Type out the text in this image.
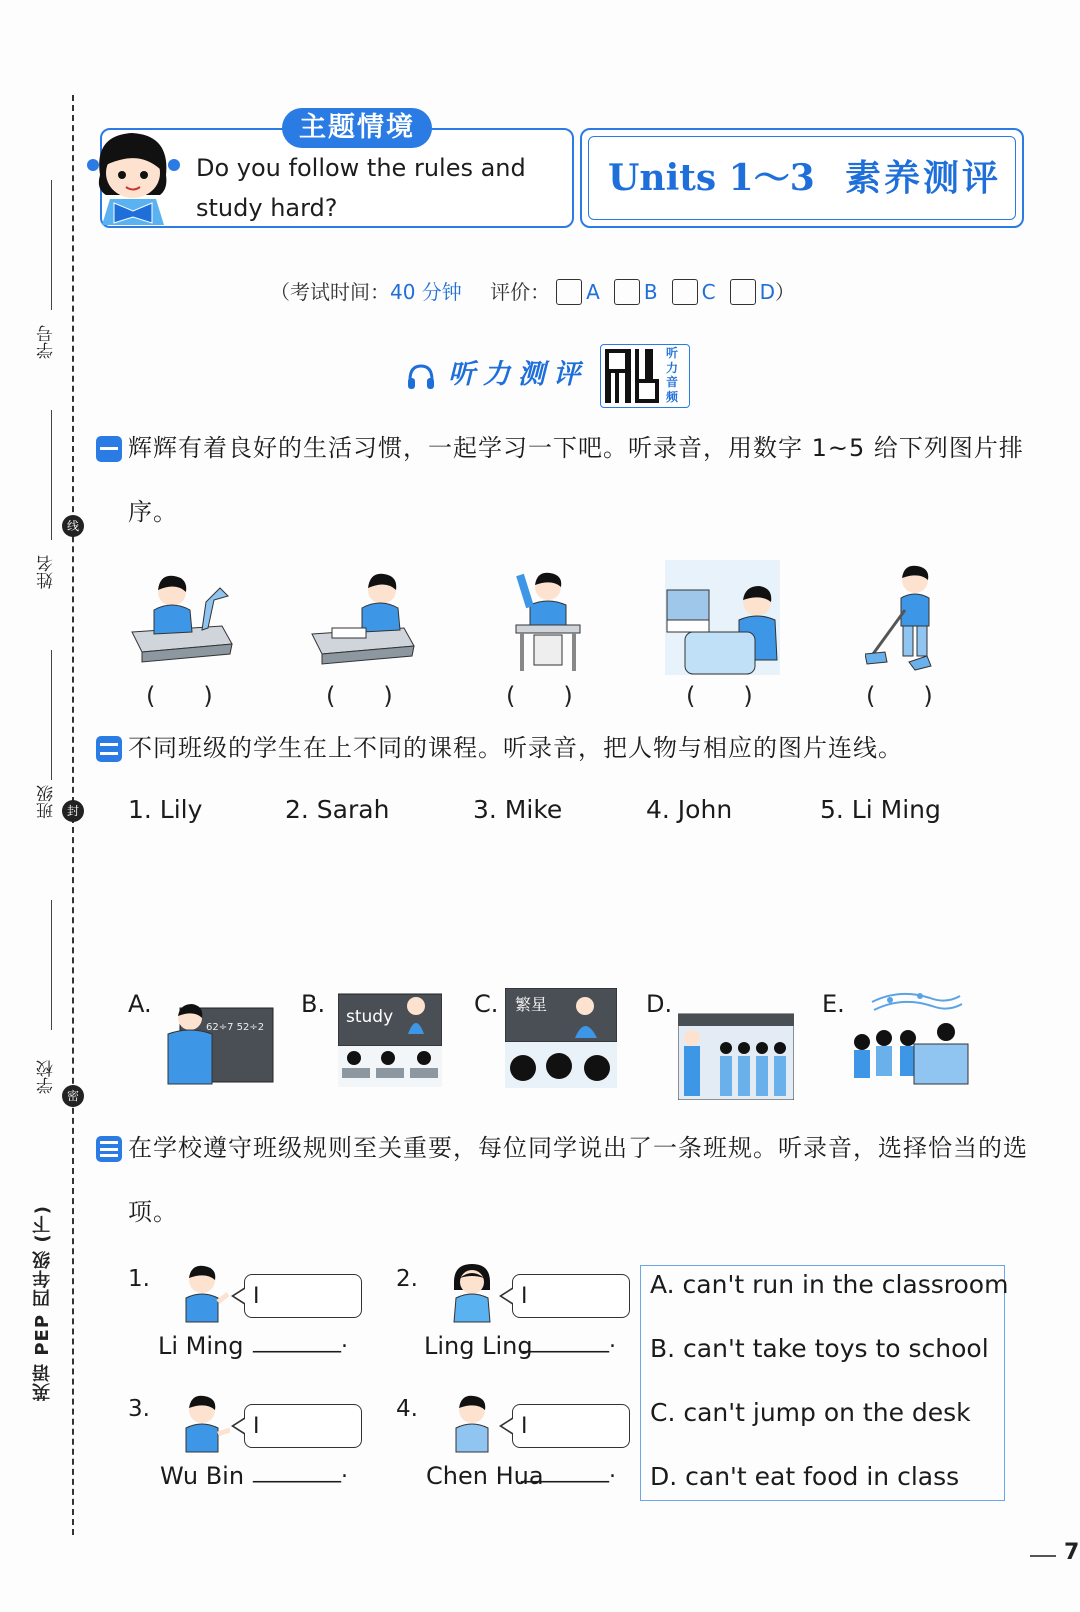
学号
姓名
班级
学校
线
封
密
英语 PEP 四年级 (下)
主题情境
Do you follow the rules and
study hard?
Units 1～3 素养测评
（考试时间：40 分钟 评价： A B C D）
听力测评
听力音频
辉辉有着良好的生活习惯，一起学习一下吧。听录音，用数字 1~5 给下列图片排序。
(　　)	(　　)	(　　)	(　　)	(　　)
不同班级的学生在上不同的课程。听录音，把人物与相应的图片连线。
1. Lily	2. Sarah	3. Mike	4. John	5. Li Ming
A.
62÷7 52÷2
B. study	C. 繁星	D.	E.
在学校遵守班级规则至关重要，每位同学说出了一条班规。听录音，选择恰当的选项。
1.
I ________.
Li Ming
2.
I ________.
Ling Ling
3.
I ________.
Wu Bin
4.
I ________.
Chen Hua
A. can't run in the classroom
B. can't take toys to school
C. can't jump on the desk
D. can't eat food in class
7
